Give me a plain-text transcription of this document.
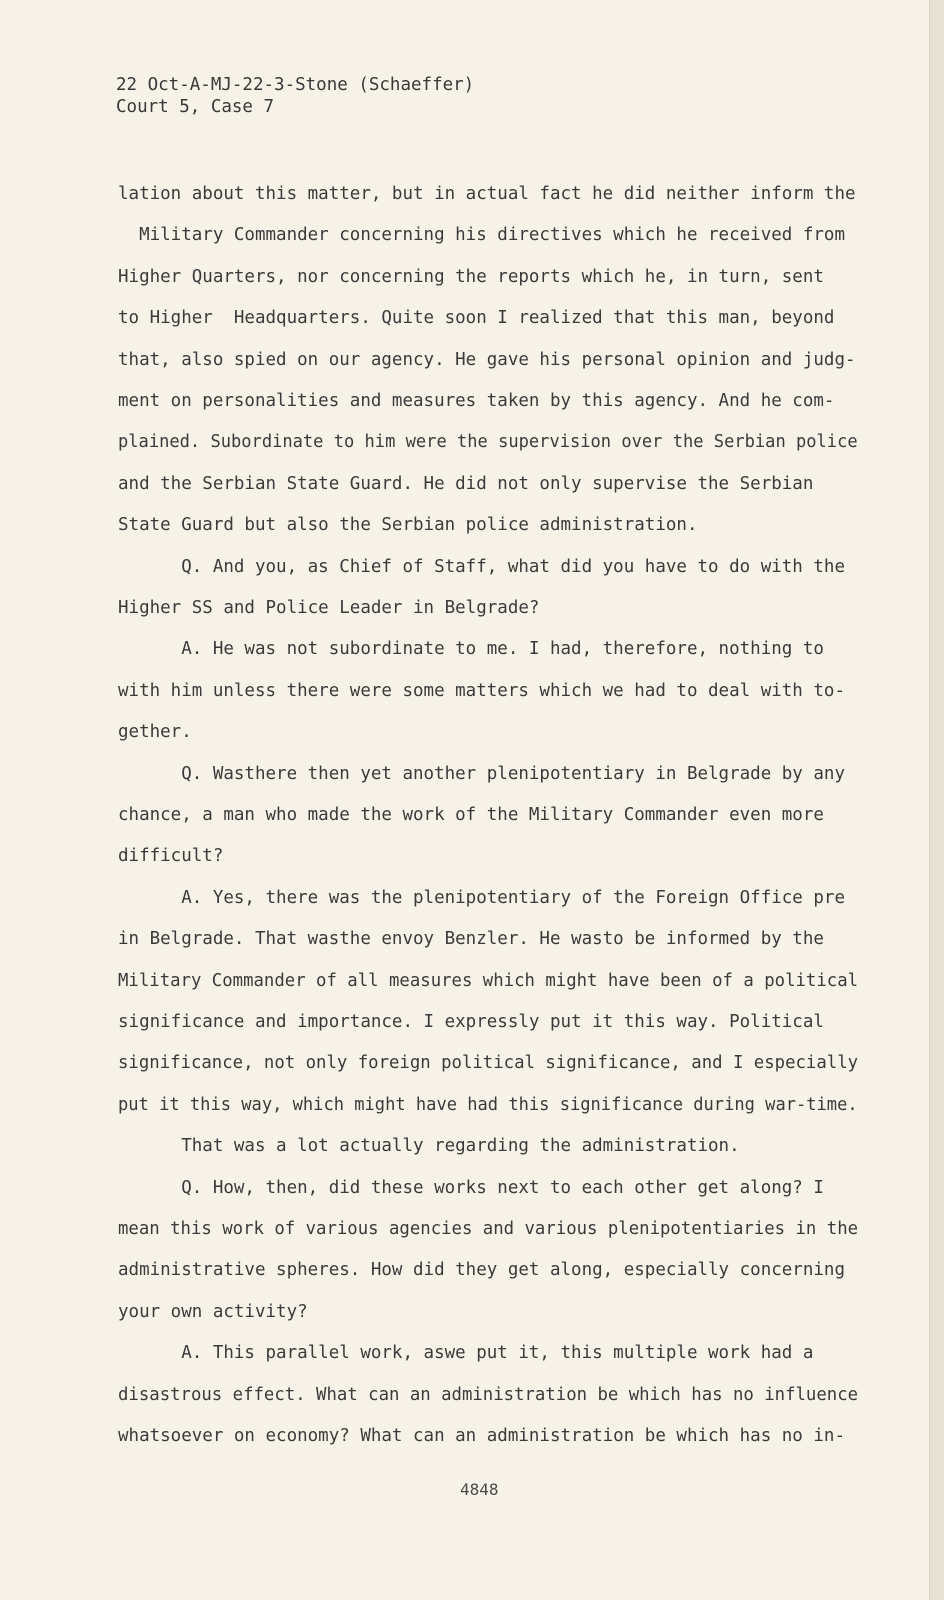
22 Oct-A-MJ-22-3-Stone (Schaeffer)
Court 5, Case 7
lation about this matter, but in actual fact he did neither inform the
Military Commander concerning his directives which he received from
Higher Quarters, nor concerning the reports which he, in turn, sent
to Higher  Headquarters. Quite soon I realized that this man, beyond
that, also spied on our agency. He gave his personal opinion and judg-
ment on personalities and measures taken by this agency. And he com-
plained. Subordinate to him were the supervision over the Serbian police
and the Serbian State Guard. He did not only supervise the Serbian
State Guard but also the Serbian police administration.
Q. And you, as Chief of Staff, what did you have to do with the
Higher SS and Police Leader in Belgrade?
A. He was not subordinate to me. I had, therefore, nothing to
with him unless there were some matters which we had to deal with to-
gether.
Q. Wasthere then yet another plenipotentiary in Belgrade by any
chance, a man who made the work of the Military Commander even more
difficult?
A. Yes, there was the plenipotentiary of the Foreign Office pre
in Belgrade. That wasthe envoy Benzler. He wasto be informed by the
Military Commander of all measures which might have been of a political
significance and importance. I expressly put it this way. Political
significance, not only foreign political significance, and I especially
put it this way, which might have had this significance during war-time.
That was a lot actually regarding the administration.
Q. How, then, did these works next to each other get along? I
mean this work of various agencies and various plenipotentiaries in the
administrative spheres. How did they get along, especially concerning
your own activity?
A. This parallel work, aswe put it, this multiple work had a
disastrous effect. What can an administration be which has no influence
whatsoever on economy? What can an administration be which has no in-
4848
